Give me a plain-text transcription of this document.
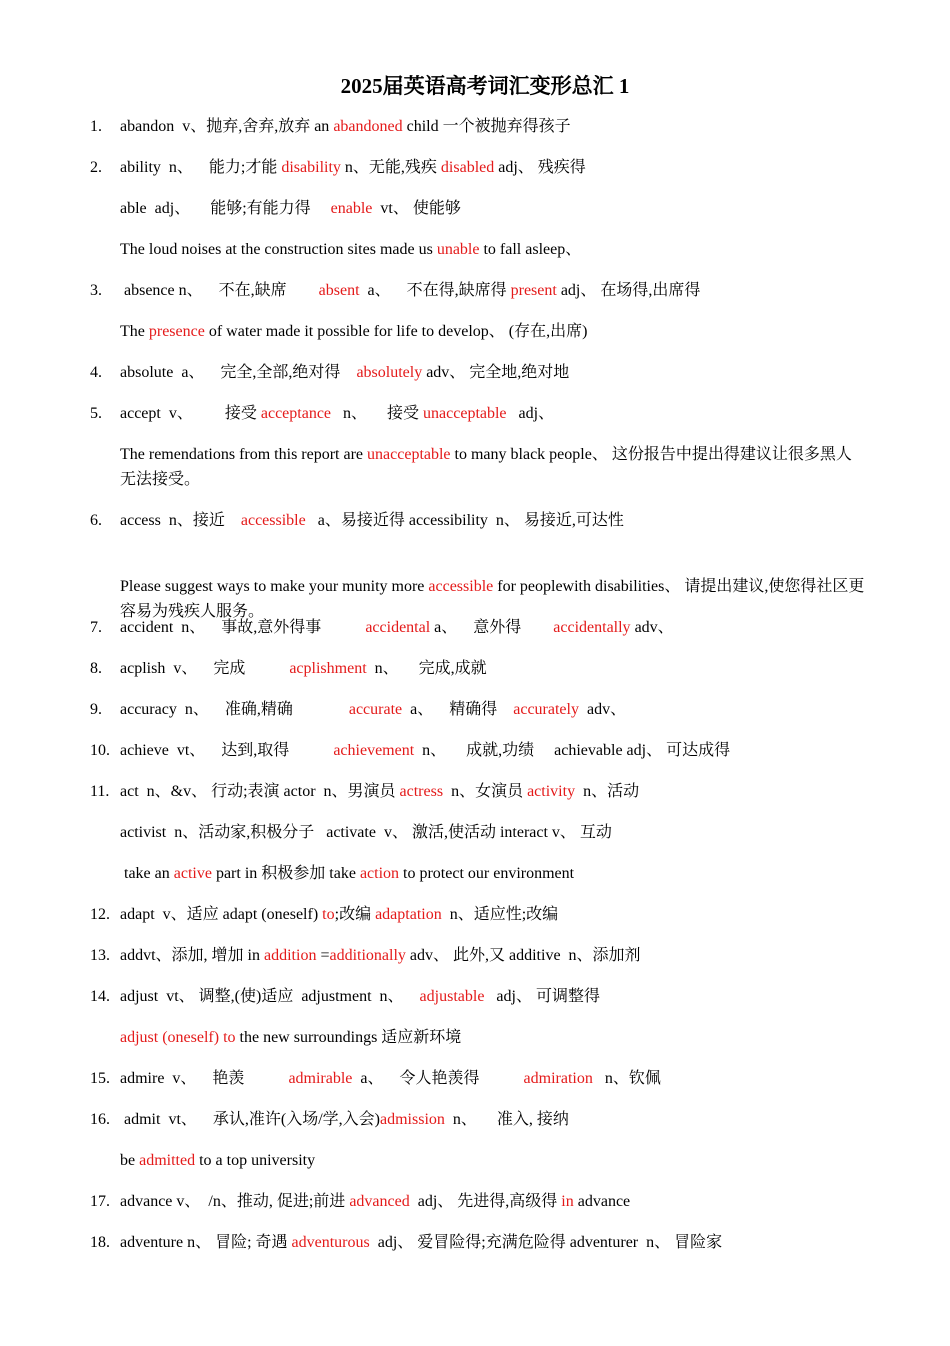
2025届英语高考词汇变形总汇 1
1. abandon  v、抛弃,舍弃,放弃 an abandoned child 一个被抛弃得孩子
2. ability  n、    能力;才能 disability n、无能,残疾 disabled adj、 残疾得
able  adj、     能够;有能力得     enable  vt、 使能够
The loud noises at the construction sites made us unable to fall asleep、
3. absence n、    不在,缺席        absent  a、    不在得,缺席得 present adj、 在场得,出席得
The presence of water made it possible for life to develop、 (存在,出席)
4. absolute  a、    完全,全部,绝对得    absolutely adv、 完全地,绝对地
5. accept  v、        接受 acceptance   n、     接受 unacceptable   adj、
The remendations from this report are unacceptable to many black people、 这份报告中提出得建议让很多黑人无法接受。
6. access  n、接近    accessible   a、易接近得 accessibility  n、 易接近,可达性
Please suggest ways to make your munity more accessible for peoplewith disabilities、 请提出建议,使您得社区更容易为残疾人服务。
7. accident  n、    事故,意外得事           accidental a、    意外得        accidentally adv、
8. acplish  v、    完成           acplishment  n、     完成,成就
9. accuracy  n、    准确,精确              accurate  a、    精确得    accurately  adv、
10. achieve  vt、    达到,取得           achievement  n、     成就,功绩     achievable adj、 可达成得
11. act  n、&v、 行动;表演 actor  n、男演员 actress  n、女演员 activity  n、活动
activist  n、活动家,积极分子   activate  v、 激活,使活动 interact v、 互动
take an active part in 积极参加 take action to protect our environment
12. adapt  v、适应 adapt (oneself) to;改编 adaptation  n、适应性;改编
13. addvt、添加, 增加 in addition =additionally adv、 此外,又 additive  n、添加剂
14. adjust  vt、 调整,(使)适应  adjustment  n、    adjustable   adj、 可调整得
adjust (oneself) to the new surroundings 适应新环境
15. admire  v、    艳羡           admirable  a、    令人艳羡得           admiration   n、钦佩
16. admit  vt、    承认,准许(入场/学,入会)admission  n、     准入, 接纳
be admitted to a top university
17. advance v、  /n、推动, 促进;前进 advanced  adj、 先进得,高级得 in advance
18. adventure n、 冒险; 奇遇 adventurous  adj、 爱冒险得;充满危险得 adventurer  n、 冒险家
